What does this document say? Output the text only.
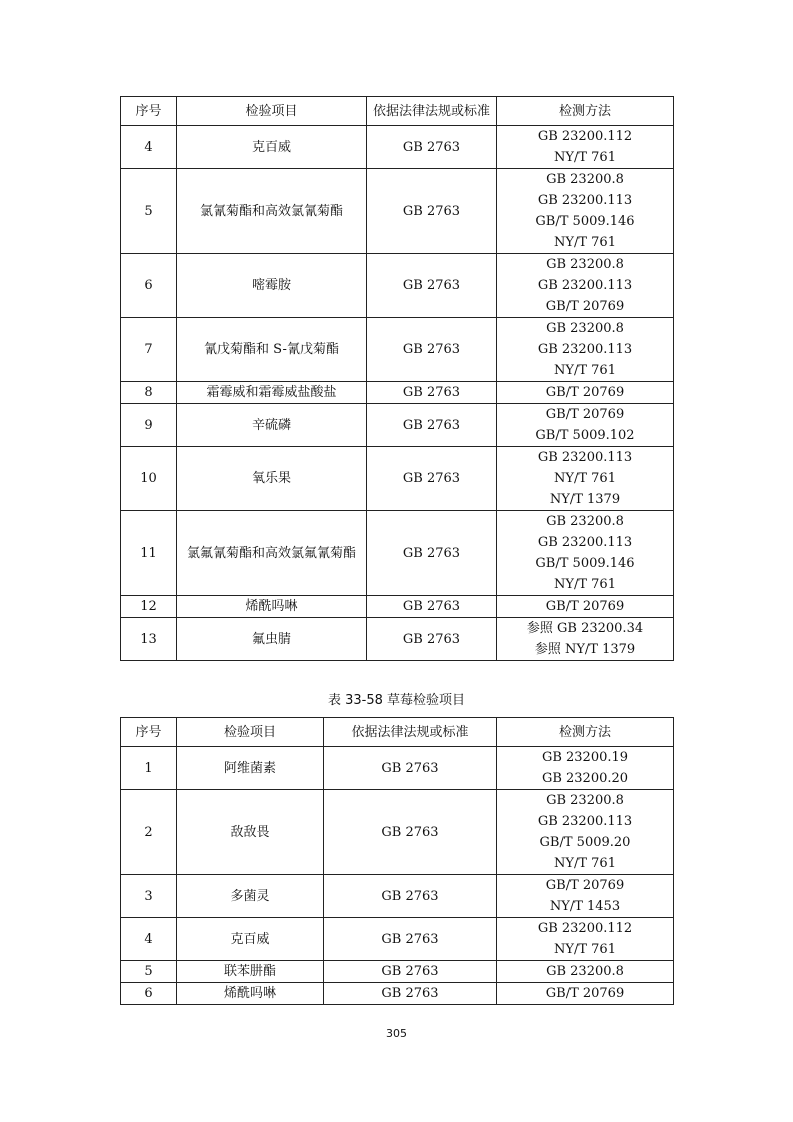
序号	检验项目	依据法律法规或标准	检测方法
4	克百威	GB 2763	GB 23200.112
NY/T 761

5	氯氰菊酯和高效氯氰菊酯	GB 2763	GB 23200.8
GB 23200.113
GB/T 5009.146
NY/T 761

6	嘧霉胺	GB 2763	GB 23200.8
GB 23200.113
GB/T 20769

7	氰戊菊酯和 S-氰戊菊酯	GB 2763	GB 23200.8
GB 23200.113
NY/T 761

8	霜霉威和霜霉威盐酸盐	GB 2763	GB/T 20769

9	辛硫磷	GB 2763	GB/T 20769
GB/T 5009.102

10	氧乐果	GB 2763	GB 23200.113
NY/T 761
NY/T 1379

11	氯氟氰菊酯和高效氯氟氰菊酯	GB 2763	GB 23200.8
GB 23200.113
GB/T 5009.146
NY/T 761

12	烯酰吗啉	GB 2763	GB/T 20769

13	氟虫腈	GB 2763	参照 GB 23200.34
参照 NY/T 1379
表 33-58 草莓检验项目
序号	检验项目	依据法律法规或标准	检测方法
1	阿维菌素	GB 2763	GB 23200.19
GB 23200.20

2	敌敌畏	GB 2763	GB 23200.8
GB 23200.113
GB/T 5009.20
NY/T 761

3	多菌灵	GB 2763	GB/T 20769
NY/T 1453

4	克百威	GB 2763	GB 23200.112
NY/T 761

5	联苯肼酯	GB 2763	GB 23200.8

6	烯酰吗啉	GB 2763	GB/T 20769
305
